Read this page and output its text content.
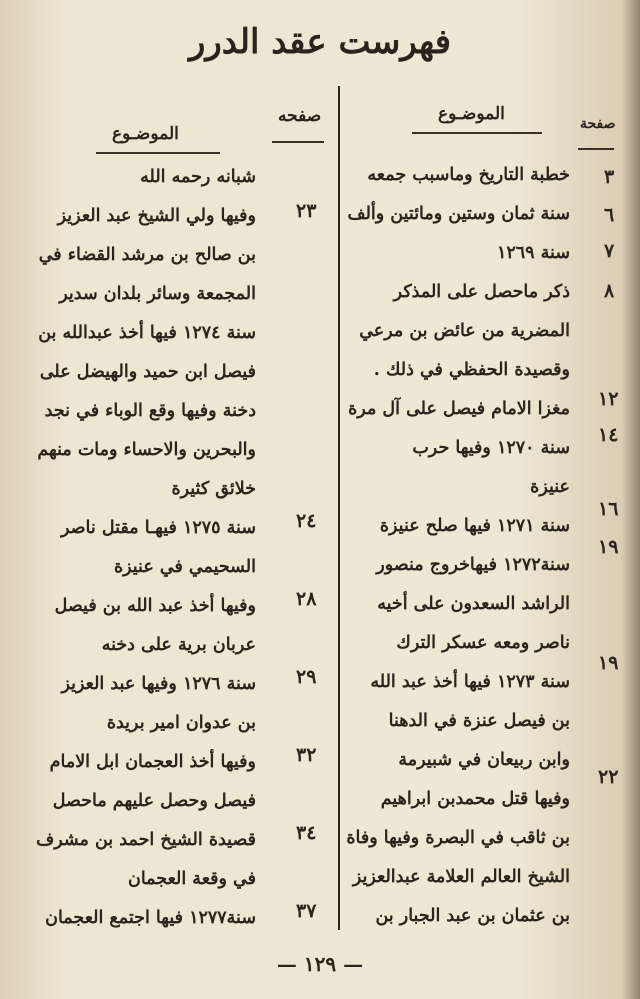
فهرست عقد الدرر
صفحه
الموضـوع
الموضـوع	صفحة
خطبة التاريخ وماسبب جمعه
سنة ثمان وستين ومائتين وألف
سنة ١٢٦٩
ذكر ماحصل على المذكر
المضرية من عائض بن مرعي
وقصيدة الحفظي في ذلك .
مغزا الامام فيصل على آل مرة
سنة ١٢٧٠ وفيها حرب
عنيزة
سنة ١٢٧١ فيها صلح عنيزة
سنة١٢٧٢ فيهاخروج منصور
الراشد السعدون على أخيه
ناصر ومعه عسكر الترك
سنة ١٢٧٣ فيها أخذ عبد الله
بن فيصل عنزة في الدهنا
وابن ربيعان في شبيرمة
وفيها قتل محمدبن ابراهيم
بن ثاقب في البصرة وفيها وفاة
الشيخ العالم العلامة عبدالعزيز
بن عثمان بن عبد الجبار بن
٣
٦
٧
٨
١٢
١٤
١٦
١٩
١٩
٢٢
شبانه رحمه الله
وفيها ولي الشيخ عبد العزيز
بن صالح بن مرشد القضاء في
المجمعة وسائر بلدان سدير
سنة ١٢٧٤ فيها أخذ عبدالله بن
فيصل ابن حميد والهيضل على
دخنة وفيها وقع الوباء في نجد
والبحرين والاحساء ومات منهم
خلائق كثيرة
سنة ١٢٧٥ فيهـا مقتل ناصر
السحيمي في عنيزة
وفيها أخذ عبد الله بن فيصل
عربان برية على دخنه
سنة ١٢٧٦ وفيها عبد العزيز
بن عدوان امير بريدة
وفيها أخذ العجمان ابل الامام
فيصل وحصل عليهم ماحصل
قصيدة الشيخ احمد بن مشرف
في وقعة العجمان
سنة١٢٧٧ فيها اجتمع العجمان
٢٣
٢٤
٢٨
٢٩
٣٢
٣٤
٣٧
— ١٢٩ —
